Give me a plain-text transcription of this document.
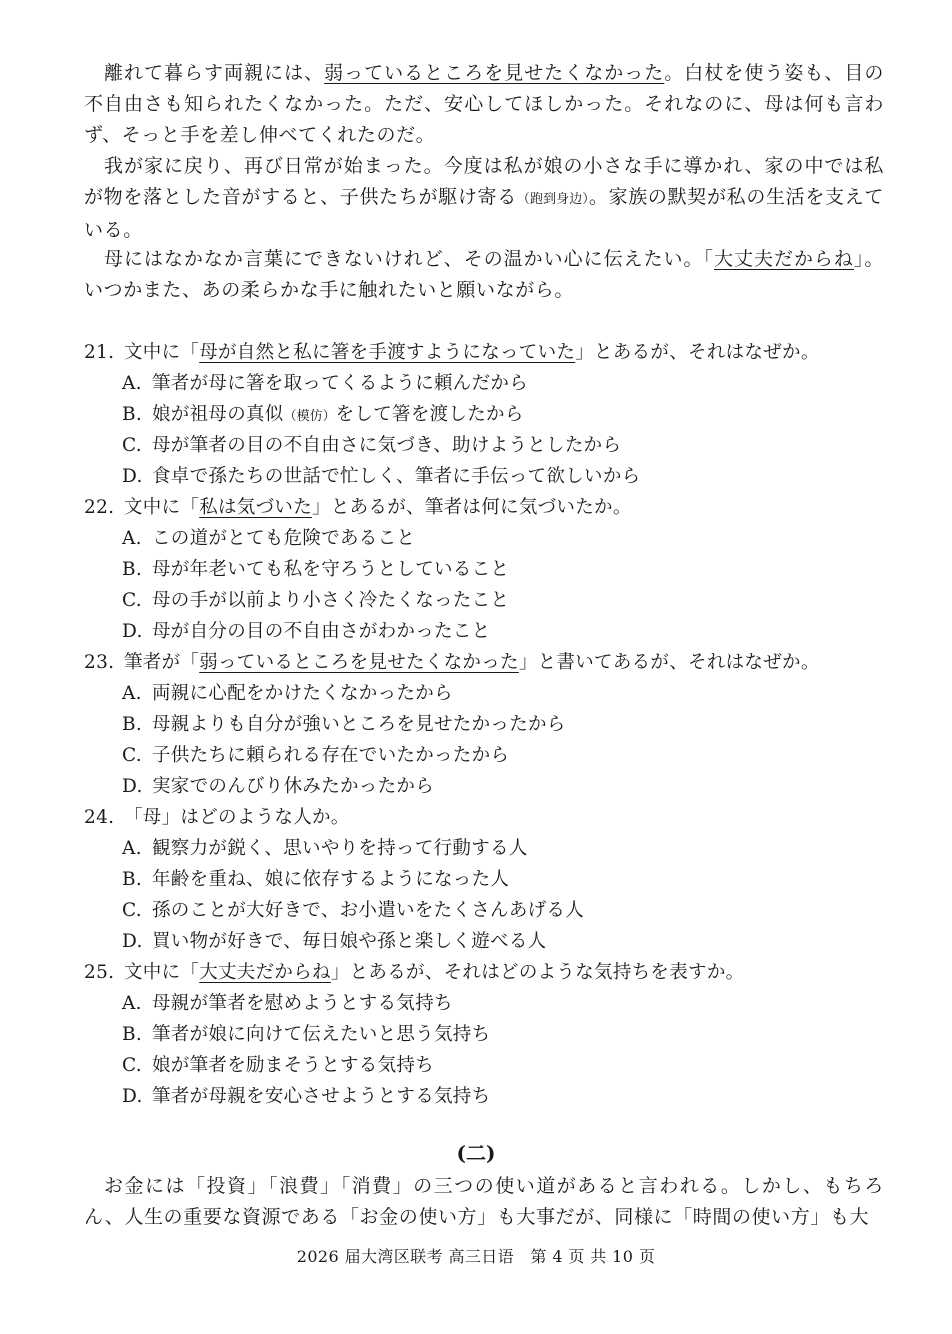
離れて暮らす両親には、弱っているところを見せたくなかった。白杖を使う姿も、目の不自由さも知られたくなかった。ただ、安心してほしかった。それなのに、母は何も言わず、そっと手を差し伸べてくれたのだ。

我が家に戻り、再び日常が始まった。今度は私が娘の小さな手に導かれ、家の中では私が物を落とした音がすると、子供たちが駆け寄る（跑到身边）。家族の默契が私の生活を支えている。

母にはなかなか言葉にできないけれど、その温かい心に伝えたい。「大丈夫だからね」。いつかまた、あの柔らかな手に触れたいと願いながら。

21. 文中に「母が自然と私に箸を手渡すようになっていた」とあるが、それはなぜか。
A. 筆者が母に箸を取ってくるように頼んだから
B. 娘が祖母の真似（模仿）をして箸を渡したから
C. 母が筆者の目の不自由さに気づき、助けようとしたから
D. 食卓で孫たちの世話で忙しく、筆者に手伝って欲しいから
22. 文中に「私は気づいた」とあるが、筆者は何に気づいたか。
A. この道がとても危険であること
B. 母が年老いても私を守ろうとしていること
C. 母の手が以前より小さく冷たくなったこと
D. 母が自分の目の不自由さがわかったこと
23. 筆者が「弱っているところを見せたくなかった」と書いてあるが、それはなぜか。
A. 両親に心配をかけたくなかったから
B. 母親よりも自分が強いところを見せたかったから
C. 子供たちに頼られる存在でいたかったから
D. 実家でのんびり休みたかったから
24. 「母」はどのような人か。
A. 観察力が鋭く、思いやりを持って行動する人
B. 年齢を重ね、娘に依存するようになった人
C. 孫のことが大好きで、お小遣いをたくさんあげる人
D. 買い物が好きで、毎日娘や孫と楽しく遊べる人
25. 文中に「大丈夫だからね」とあるが、それはどのような気持ちを表すか。
A. 母親が筆者を慰めようとする気持ち
B. 筆者が娘に向けて伝えたいと思う気持ち
C. 娘が筆者を励まそうとする気持ち
D. 筆者が母親を安心させようとする気持ち
(二)

お金には「投資」「浪費」「消費」の三つの使い道があると言われる。しかし、もちろん、人生の重要な資源である「お金の使い方」も大事だが、同様に「時間の使い方」も大

2026 届大湾区联考 高三日语　第 4 页 共 10 页
